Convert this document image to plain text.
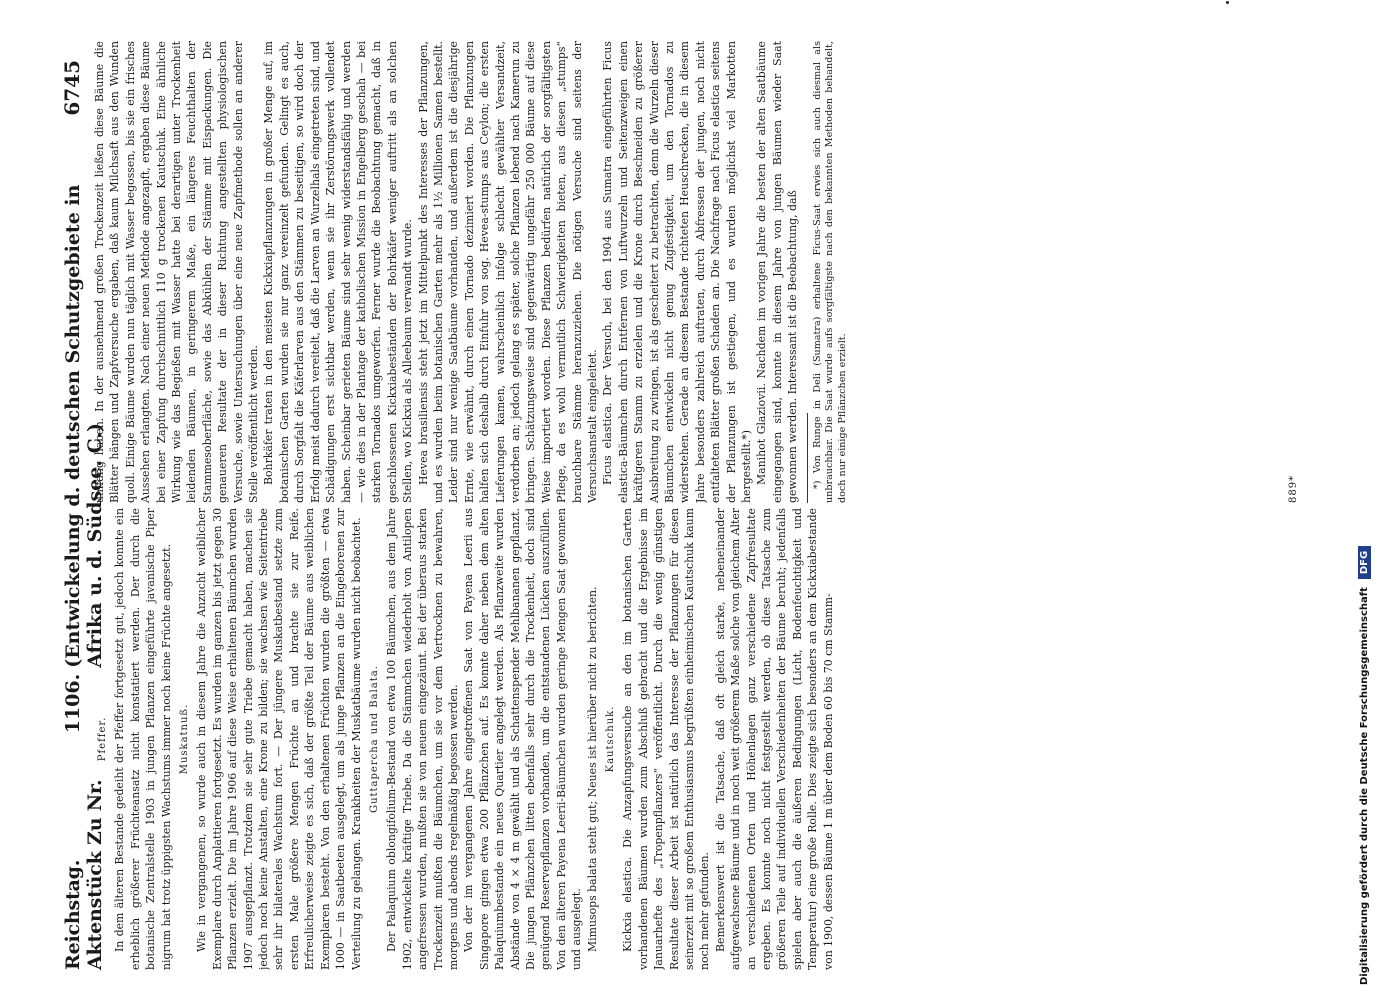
Reichstag. Aktenstück Zu Nr.
1106.
(Entwickelung d. deutschen Schutzgebiete in Afrika u. d. Südsee. C.)
6745
Pfeffer. In dem älteren Bestande gedeiht der Pfeffer fortgesetzt gut, jedoch konnte ein erheblich größerer Früchteansatz nicht konstatiert werden. Der durch die botanische Zentralstelle 1903 in jungen Pflanzen eingeführte javanische Piper nigrum hat trotz üppigsten Wachstums immer noch keine Früchte angesetzt. Muskatnuß. Wie in vergangenen, so wurde auch in diesem Jahre die Anzucht weiblicher Exemplare durch Anplattieren fortgesetzt. Es wurden im ganzen bis jetzt gegen 30 Pflanzen erzielt. Die im Jahre 1906 auf diese Weise erhaltenen Bäumchen wurden 1907 ausgepflanzt. Trotzdem sie sehr gute Triebe gemacht haben, machen sie jedoch noch keine Anstalten, eine Krone zu bilden; sie wachsen wie Seitentriebe sehr ihr bilaterales Wachstum fort. — Der jüngere Muskatbestand setzte zum ersten Male größere Mengen Früchte an und brachte sie zur Reife. Erfreulicherweise zeigte es sich, daß der größte Teil der Bäume aus weiblichen Exemplaren besteht. Von den erhaltenen Früchten wurden die größten — etwa 1000 — in Saatbeeten ausgelegt, um als junge Pflanzen an die Eingeborenen zur Verteilung zu gelangen. Krankheiten der Muskatbäume wurden nicht beobachtet. Guttapercha und Balata. Der Palaquium oblongifolium-Bestand von etwa 100 Bäumchen, aus dem Jahre 1902, entwickelte kräftige Triebe. Da die Stämmchen wiederholt von Antilopen angefressen wurden, mußten sie von neuem eingezäunt. Bei der überaus starken Trockenzeit mußten die Bäumchen, um sie vor dem Vertrocknen zu bewahren, morgens und abends regelmäßig begossen werden. Von der im vergangenen Jahre eingetroffenen Saat von Payena Leerii aus Singapore gingen etwa 200 Pflänzchen auf. Es konnte daher neben dem alten Palaquiumbestande ein neues Quartier angelegt werden. Als Pflanzweite wurden Abstände von 4 × 4 m gewählt und als Schattenspender Mehlbananen gepflanzt. Die jungen Pflänzchen litten ebenfalls sehr durch die Trockenheit, doch sind genügend Reservepflanzen vorhanden, um die entstandenen Lücken auszufüllen. Von den älteren Payena Leerii-Bäumchen wurden geringe Mengen Saat gewonnen und ausgelegt. Mimusops balata steht gut; Neues ist hierüber nicht zu berichten. Kautschuk. Kickxia elastica. Die Anzapfungsversuche an den im botanischen Garten vorhandenen Bäumen wurden zum Abschluß gebracht und die Ergebnisse im Januarhefte des „Tropenpflanzers“ veröffentlicht. Durch die wenig günstigen Resultate dieser Arbeit ist natürlich das Interesse der Pflanzungen für diesen seinerzeit mit so großem Enthusiasmus begrüßten einheimischen Kautschuk kaum noch mehr gefunden. Bemerkenswert ist die Tatsache, daß oft gleich starke, nebeneinander aufgewachsene Bäume und in noch weit größerem Maße solche von gleichem Alter an verschiedenen Orten und Höhenlagen ganz verschiedene Zapfresultate ergeben. Es konnte noch nicht festgestellt werden, ob diese Tatsache zum größeren Teile auf individuellen Verschiedenheiten der Bäume beruht; jedenfalls spielen aber auch die äußeren Bedingungen (Licht, Bodenfeuchtigkeit und Temperatur) eine große Rolle. Dies zeigte sich besonders an dem Kickxiabestande von 1900, dessen Bäume 1 m über dem Boden 60 bis 70 cm Stamm-

umfang haben. In der ausnehmend großen Trockenzeit ließen diese Bäume die Blätter hängen und Zapfversuche ergaben, daß kaum Milchsaft aus den Wunden quoll. Einige Bäume wurden nun täglich mit Wasser begossen, bis sie ein frisches Aussehen erlangten. Nach einer neuen Methode angezapft, ergaben diese Bäume bei einer Zapfung durchschnittlich 110 g trockenen Kautschuk. Eine ähnliche Wirkung wie das Begießen mit Wasser hatte bei derartigen unter Trockenheit leidenden Bäumen, in geringerem Maße, ein längeres Feuchthalten der Stammesoberfläche, sowie das Abkühlen der Stämme mit Eispackungen. Die genaueren Resultate der in dieser Richtung angestellten physiologischen Versuche, sowie Untersuchungen über eine neue Zapfmethode sollen an anderer Stelle veröffentlicht werden. Bohrkäfer traten in den meisten Kickxiapflanzungen in großer Menge auf, im botanischen Garten wurden sie nur ganz vereinzelt gefunden. Gelingt es auch, durch Sorgfalt die Käferlarven aus den Stämmen zu beseitigen, so wird doch der Erfolg meist dadurch vereitelt, daß die Larven an Wurzelhals eingetreten sind, und Schädigungen erst sichtbar werden, wenn sie ihr Zerstörungswerk vollendet haben. Scheinbar gerieten Bäume sind sehr wenig widerstandsfähig und werden — wie dies in der Plantage der katholischen Mission in Engelberg geschah — bei starken Tornados umgeworfen. Ferner wurde die Beobachtung gemacht, daß in geschlossenen Kickxiabeständen der Bohrkäfer weniger auftritt als an solchen Stellen, wo Kickxia als Alleebaum verwandt wurde. Hevea brasiliensis steht jetzt im Mittelpunkt des Interesses der Pflanzungen, und es wurden beim botanischen Garten mehr als 1½ Millionen Samen bestellt. Leider sind nur wenige Saatbäume vorhanden, und außerdem ist die diesjährige Ernte, wie erwähnt, durch einen Tornado dezimiert worden. Die Pflanzungen halfen sich deshalb durch Einfuhr von sog. Hevea-stumps aus Ceylon; die ersten Lieferungen kamen, wahrscheinlich infolge schlecht gewählter Versandzeit, verdorben an; jedoch gelang es später, solche Pflanzen lebend nach Kamerun zu bringen. Schätzungsweise sind gegenwärtig ungefähr 250 000 Bäume auf diese Weise importiert worden. Diese Pflanzen bedürfen natürlich der sorgfältigsten Pflege, da es wohl vermutlich Schwierigkeiten bieten, aus diesen „stumps“ brauchbare Stämme heranzuziehen. Die nötigen Versuche sind seitens der Versuchsanstalt eingeleitet. Ficus elastica. Der Versuch, bei den 1904 aus Sumatra eingeführten Ficus elastica-Bäumchen durch Entfernen von Luftwurzeln und Seitenzweigen einen kräftigeren Stamm zu erzielen und die Krone durch Beschneiden zu größerer Ausbreitung zu zwingen, ist als gescheitert zu betrachten, denn die Wurzeln dieser Bäumchen entwickeln nicht genug Zugfestigkeit, um den Tornados zu widerstehen. Gerade an diesem Bestande richteten Heuschrecken, die in diesem Jahre besonders zahlreich auftraten, durch Abfressen der jungen, noch nicht entfalteten Blätter großen Schaden an. Die Nachfrage nach Ficus elastica seitens der Pflanzungen ist gestiegen, und es wurden möglichst viel Markotten hergestellt.*) Manihot Glaziovii. Nachdem im vorigen Jahre die besten der alten Saatbäume eingegangen sind, konnte in diesem Jahre von jungen Bäumen wieder Saat gewonnen werden. Interessant ist die Beobachtung, daß *) Von Runge in Deli (Sumatra) erhaltene Ficus-Saat erwies sich auch diesmal als unbrauchbar. Die Saat wurde aufs sorgfältigste nach den bekannten Methoden behandelt, doch nur einige Pflänzchen erzielt.	889*
Digitalisierung gefördert durch die Deutsche Forschungsgemeinschaft
DFG
